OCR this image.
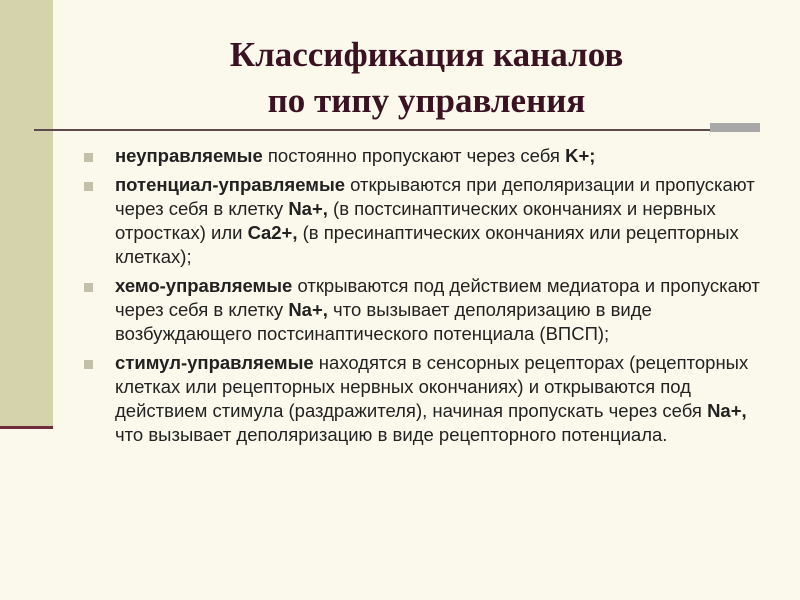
Классификация каналов
по типу управления
неуправляемые постоянно пропускают через себя K+;
потенциал-управляемые открываются при деполяризации и пропускают через себя в клетку Na+, (в постсинаптических окончаниях и нервных отростках) или Ca2+, (в пресинаптических окончаниях или рецепторных клетках);
хемо-управляемые открываются под действием медиатора и пропускают через себя в клетку Na+, что вызывает деполяризацию в виде возбуждающего постсинаптического потенциала (ВПСП);
стимул-управляемые находятся в сенсорных рецепторах (рецепторных клетках или рецепторных нервных окончаниях) и открываются под действием стимула (раздражителя), начиная пропускать через себя Na+, что вызывает деполяризацию в виде рецепторного потенциала.
